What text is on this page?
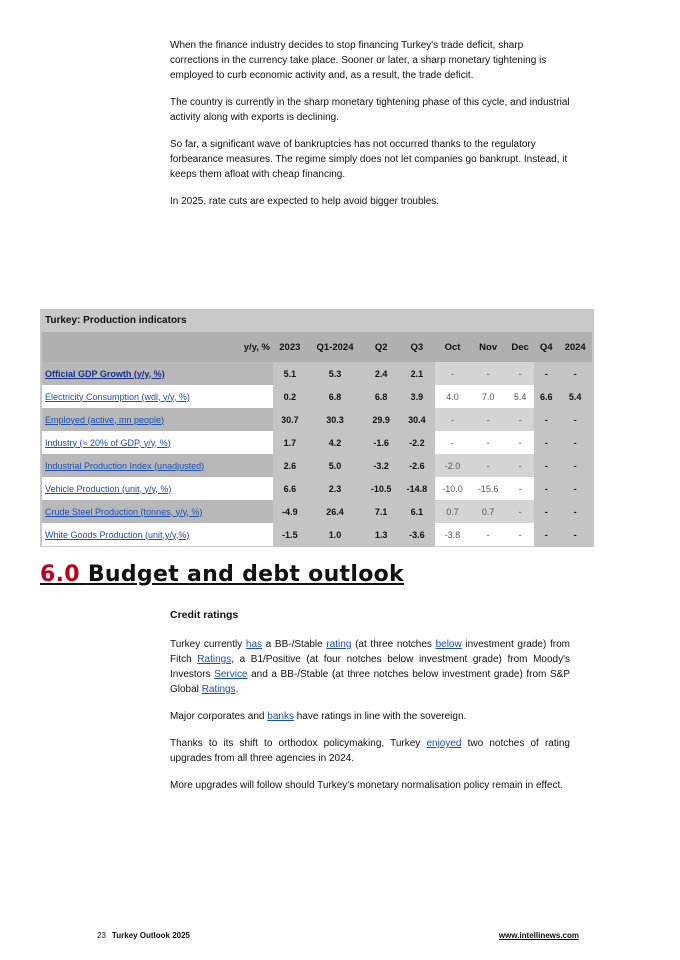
When the finance industry decides to stop financing Turkey's trade deficit, sharp corrections in the currency take place. Sooner or later, a sharp monetary tightening is employed to curb economic activity and, as a result, the trade deficit.

The country is currently in the sharp monetary tightening phase of this cycle, and industrial activity along with exports is declining.

So far, a significant wave of bankruptcies has not occurred thanks to the regulatory forbearance measures. The regime simply does not let companies go bankrupt. Instead, it keeps them afloat with cheap financing.

In 2025, rate cuts are expected to help avoid bigger troubles.

Turkey: Production indicators
y/y, %	2023	Q1-2024	Q2	Q3	Oct	Nov	Dec	Q4	2024
Official GDP Growth (y/y, %)	5.1	5.3	2.4	2.1	-	-	-	-	-
Electricity Consumption (wdl, y/y, %)	0.2	6.8	6.8	3.9	4.0	7.0	5.4	6.6	5.4
Employed (active, mn people)	30.7	30.3	29.9	30.4	-	-	-	-	-
Industry (≈ 20% of GDP, y/y, %)	1.7	4.2	-1.6	-2.2	-	-	-	-	-
Industrial Production Index (unadjusted)	2.6	5.0	-3.2	-2.6	-2.0	-	-	-	-
Vehicle Production (unit, y/y, %)	6.6	2.3	-10.5	-14.8	-10.0	-15.6	-	-	-
Crude Steel Production (tonnes, y/y, %)	-4.9	26.4	7.1	6.1	0.7	0.7	-	-	-
White Goods Production (unit,y/y,%)	-1.5	1.0	1.3	-3.6	-3.8	-	-	-	-
6.0 Budget and debt outlook
Credit ratings

Turkey currently has a BB-/Stable rating (at three notches below investment grade) from Fitch Ratings, a B1/Positive (at four notches below investment grade) from Moody's Investors Service and a BB-/Stable (at three notches below investment grade) from S&P Global Ratings.

Major corporates and banks have ratings in line with the sovereign.

Thanks to its shift to orthodox policymaking, Turkey enjoyed two notches of rating upgrades from all three agencies in 2024.

More upgrades will follow should Turkey's monetary normalisation policy remain in effect.

23 Turkey Outlook 2025	www.intellinews.com
